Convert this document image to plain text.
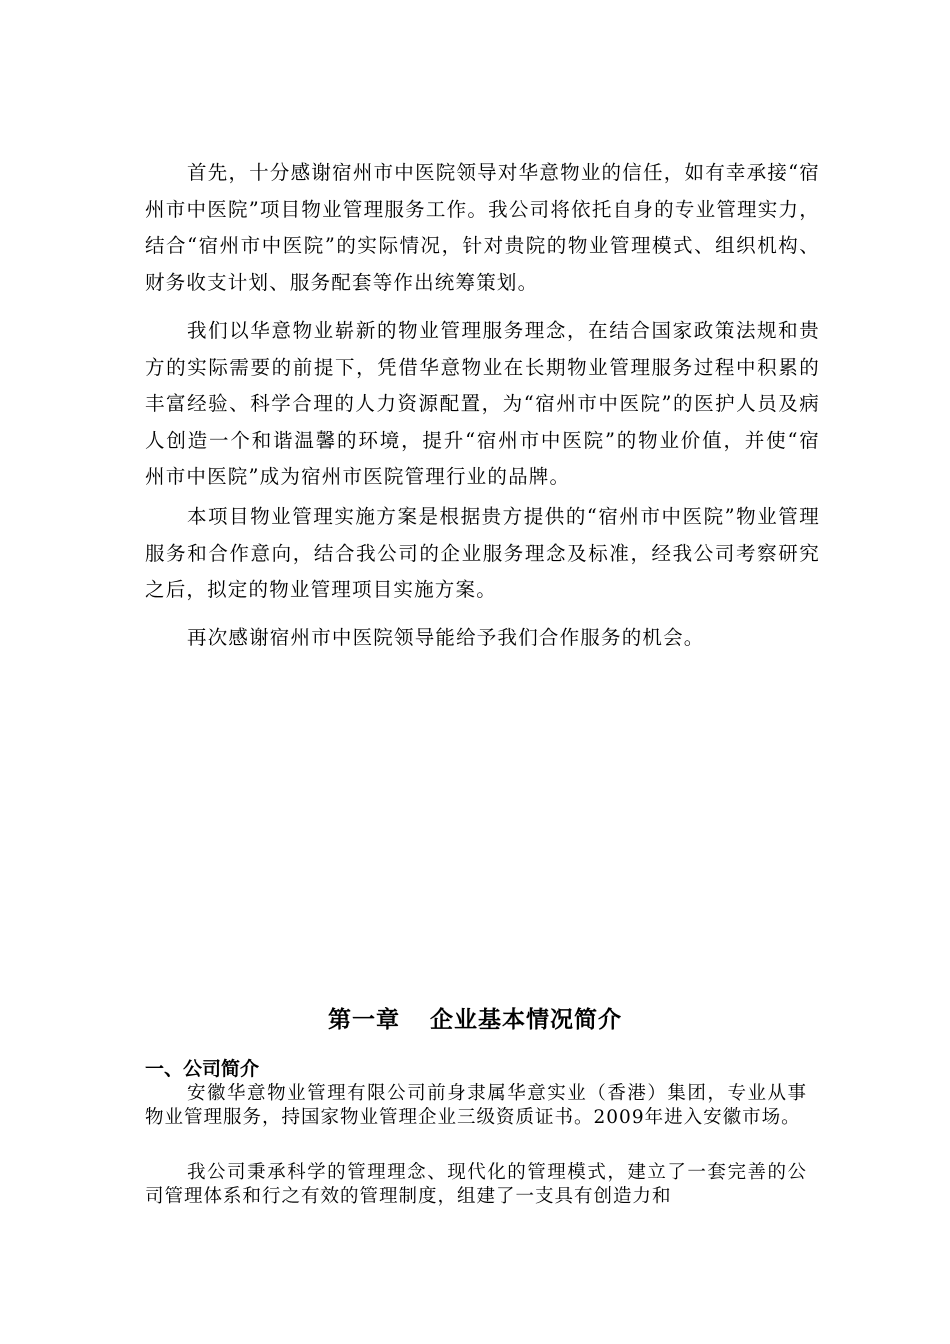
首先，十分感谢宿州市中医院领导对华意物业的信任，如有幸承接“宿州市中医院”项目物业管理服务工作。我公司将依托自身的专业管理实力，结合“宿州市中医院”的实际情况，针对贵院的物业管理模式、组织机构、财务收支计划、服务配套等作出统筹策划。

我们以华意物业崭新的物业管理服务理念，在结合国家政策法规和贵方的实际需要的前提下，凭借华意物业在长期物业管理服务过程中积累的丰富经验、科学合理的人力资源配置，为“宿州市中医院”的医护人员及病人创造一个和谐温馨的环境，提升“宿州市中医院”的物业价值，并使“宿州市中医院”成为宿州市医院管理行业的品牌。

本项目物业管理实施方案是根据贵方提供的“宿州市中医院”物业管理服务和合作意向，结合我公司的企业服务理念及标准，经我公司考察研究之后，拟定的物业管理项目实施方案。

再次感谢宿州市中医院领导能给予我们合作服务的机会。

第一章 企业基本情况简介
一、公司简介

安徽华意物业管理有限公司前身隶属华意实业（香港）集团，专业从事物业管理服务，持国家物业管理企业三级资质证书。2009年进入安徽市场。

我公司秉承科学的管理理念、现代化的管理模式，建立了一套完善的公司管理体系和行之有效的管理制度，组建了一支具有创造力和
